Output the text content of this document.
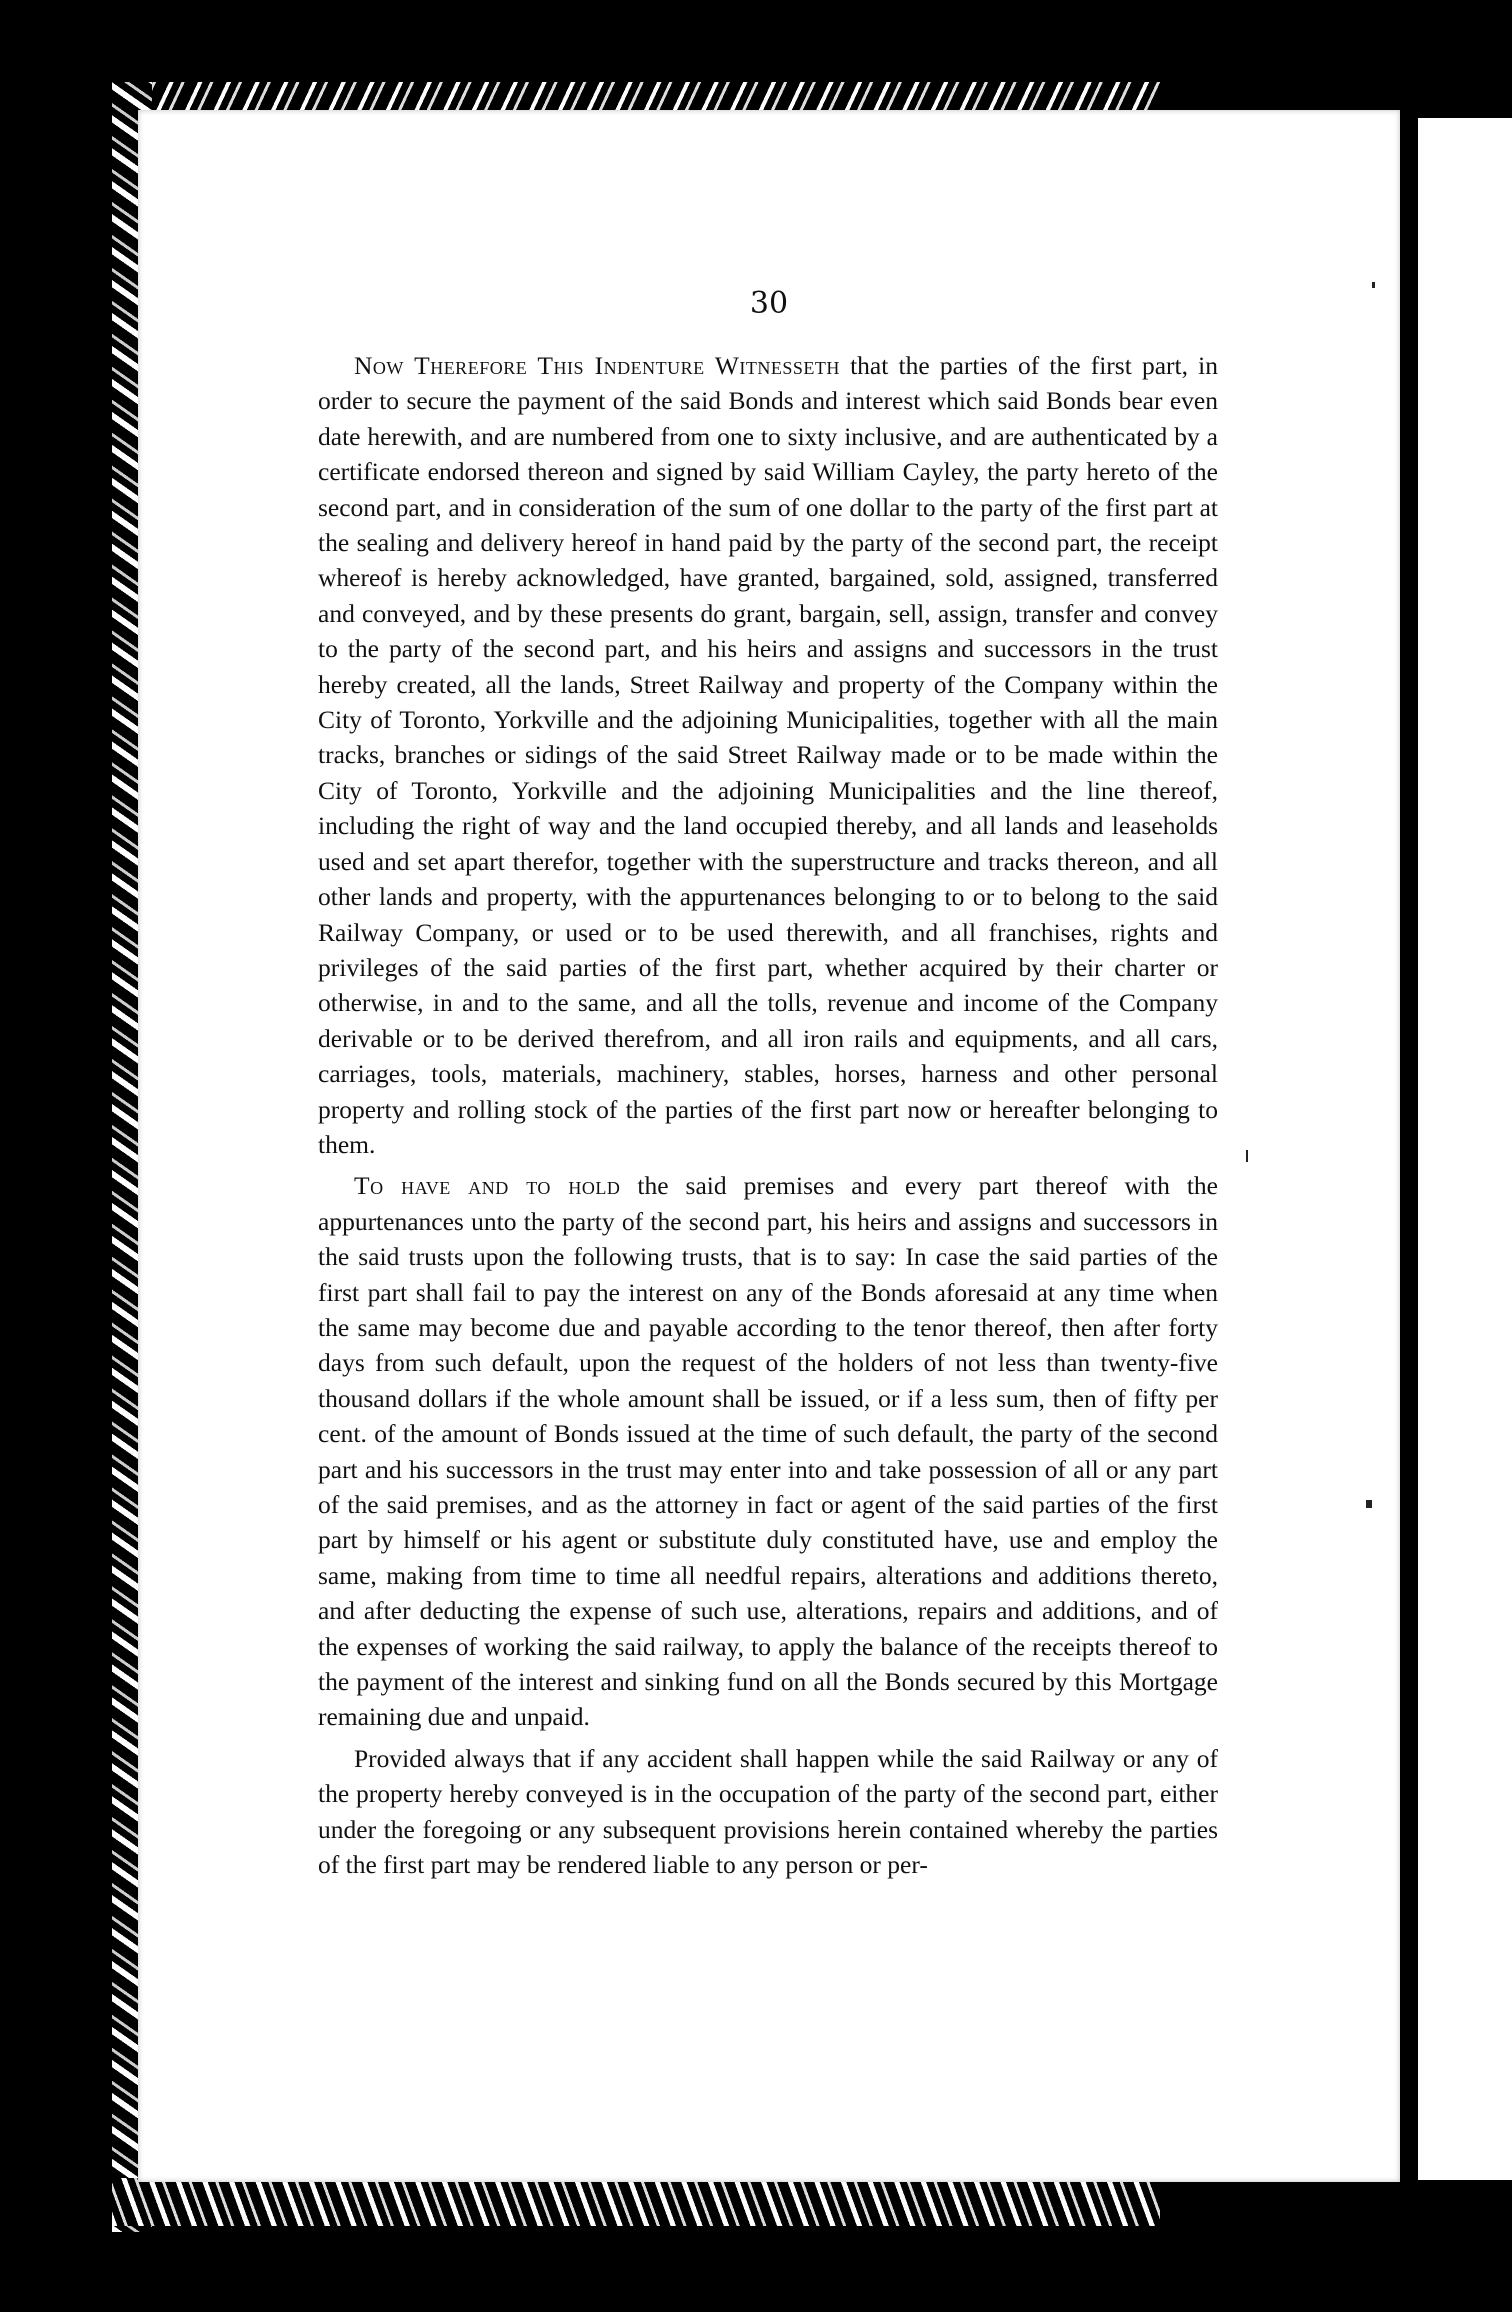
30

Now Therefore This Indenture Witnesseth that the parties of the first part, in order to secure the payment of the said Bonds and interest which said Bonds bear even date herewith, and are numbered from one to sixty inclusive, and are authenticated by a certificate endorsed thereon and signed by said William Cayley, the party hereto of the second part, and in consideration of the sum of one dollar to the party of the first part at the sealing and delivery hereof in hand paid by the party of the second part, the receipt whereof is hereby acknowledged, have granted, bargained, sold, assigned, transferred and conveyed, and by these presents do grant, bargain, sell, assign, transfer and convey to the party of the second part, and his heirs and assigns and successors in the trust hereby created, all the lands, Street Railway and property of the Company within the City of Toronto, Yorkville and the adjoining Municipalities, together with all the main tracks, branches or sidings of the said Street Railway made or to be made within the City of Toronto, Yorkville and the adjoining Municipalities and the line thereof, including the right of way and the land occupied thereby, and all lands and leaseholds used and set apart therefor, together with the superstructure and tracks thereon, and all other lands and property, with the appurtenances belonging to or to belong to the said Railway Company, or used or to be used therewith, and all franchises, rights and privileges of the said parties of the first part, whether acquired by their charter or otherwise, in and to the same, and all the tolls, revenue and income of the Company derivable or to be derived therefrom, and all iron rails and equipments, and all cars, carriages, tools, materials, machinery, stables, horses, harness and other personal property and rolling stock of the parties of the first part now or hereafter belonging to them.

To have and to hold the said premises and every part thereof with the appurtenances unto the party of the second part, his heirs and assigns and successors in the said trusts upon the following trusts, that is to say: In case the said parties of the first part shall fail to pay the interest on any of the Bonds aforesaid at any time when the same may become due and payable according to the tenor thereof, then after forty days from such default, upon the request of the holders of not less than twenty-five thousand dollars if the whole amount shall be issued, or if a less sum, then of fifty per cent. of the amount of Bonds issued at the time of such default, the party of the second part and his successors in the trust may enter into and take possession of all or any part of the said premises, and as the attorney in fact or agent of the said parties of the first part by himself or his agent or substitute duly constituted have, use and employ the same, making from time to time all needful repairs, alterations and additions thereto, and after deducting the expense of such use, alterations, repairs and additions, and of the expenses of working the said railway, to apply the balance of the receipts thereof to the payment of the interest and sinking fund on all the Bonds secured by this Mortgage remaining due and unpaid.

Provided always that if any accident shall happen while the said Railway or any of the property hereby conveyed is in the occupation of the party of the second part, either under the foregoing or any subsequent provisions herein contained whereby the parties of the first part may be rendered liable to any person or per-
